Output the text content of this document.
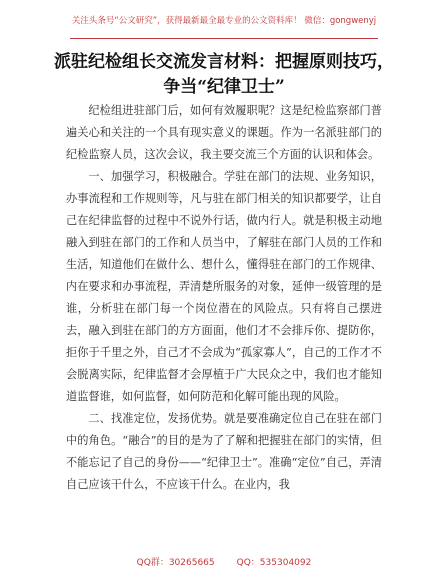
关注头条号“公文研究”，获得最新最全最专业的公文资料库！ 微信：gongwenyj
派驻纪检组长交流发言材料：把握原则技巧，
争当“纪律卫士”

纪检组进驻部门后，如何有效履职呢？这是纪检监察部门普遍关心和关注的一个具有现实意义的课题。作为一名派驻部门的纪检监察人员，这次会议，我主要交流三个方面的认识和体会。

一、加强学习，积极融合。学驻在部门的法规、业务知识，办事流程和工作规则等，凡与驻在部门相关的知识都要学，让自己在纪律监督的过程中不说外行话，做内行人。就是积极主动地融入到驻在部门的工作和人员当中，了解驻在部门人员的工作和生活，知道他们在做什么、想什么，懂得驻在部门的工作规律、内在要求和办事流程，弄清楚所服务的对象，延伸一级管理的是谁，分析驻在部门每一个岗位潜在的风险点。只有将自己摆进去，融入到驻在部门的方方面面，他们才不会排斥你、提防你，拒你于千里之外，自己才不会成为“孤家寡人”，自己的工作才不会脱离实际，纪律监督才会厚植于广大民众之中，我们也才能知道监督谁，如何监督，如何防范和化解可能出现的风险。

二、找准定位，发扬优势。就是要准确定位自己在驻在部门中的角色。“融合”的目的是为了了解和把握驻在部门的实情，但不能忘记了自己的身份——“纪律卫士”。准确“定位”自己，弄清自己应该干什么，不应该干什么。在业内，我

QQ群：30265665 QQ：535304092
